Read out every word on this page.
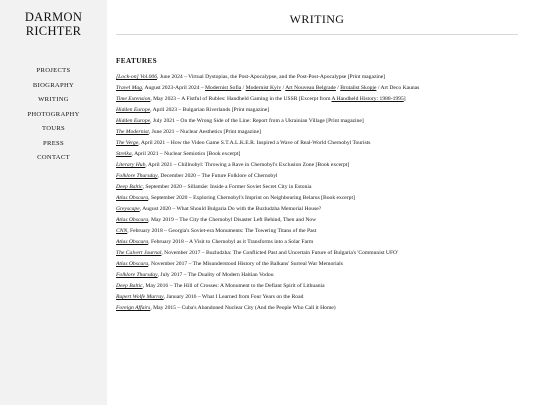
DARMON
RICHTER
PROJECTS
BIOGRAPHY
WRITING
PHOTOGRAPHY
TOURS
PRESS
CONTACT
WRITING
FEATURES
[Lock-on] Vol.006, June 2024 – Virtual Dystopias, the Post-Apocalypse, and the Post-Post-Apocalypse [Print magazine]
Travel Mag, August 2023-April 2024 – Modernist Sofia / Modernist Kyiv / Art Nouveau Belgrade / Brutalist Skopje / Art Deco Kaunas
Time Extension, May 2023 – A Fistful of Rubles: Handheld Gaming in the USSR [Excerpt from A Handheld History: 1988-1995]
Hidden Europe, April 2023 – Bulgarian Riverlands [Print magazine]
Hidden Europe, July 2021 – On the Wrong Side of the Line: Report from a Ukrainian Village [Print magazine]
The Modernist, June 2021 – Nuclear Aesthetics [Print magazine]
The Verge, April 2021 – How the Video Game S.T.A.L.K.E.R. Inspired a Wave of Real-World Chernobyl Tourists
Strelka, April 2021 – Nuclear Semiotics [Book excerpt]
Literary Hub, April 2021 – Chillnobyl: Throwing a Rave in Chernobyl's Exclusion Zone [Book excerpt]
Folklore Thursday, December 2020 – The Future Folklore of Chernobyl
Deep Baltic, September 2020 – Sillamäe: Inside a Former Soviet Secret City in Estonia
Atlas Obscura, September 2020 – Exploring Chernobyl's Imprint on Neighbouring Belarus [Book excerpt]
Greyscape, August 2020 – What Should Bulgaria Do with the Buzludzha Memorial House?
Atlas Obscura, May 2019 – The City the Chernobyl Disaster Left Behind, Then and Now
CNN, February 2018 – Georgia's Soviet-era Monuments: The Towering Titans of the Past
Atlas Obscura, February 2018 – A Visit to Chernobyl as it Transforms into a Solar Farm
The Calvert Journal, November 2017 – Buzludzha: The Conflicted Past and Uncertain Future of Bulgaria's 'Communist UFO'
Atlas Obscura, November 2017 – The Misunderstood History of the Balkans' Surreal War Memorials
Folklore Thursday, July 2017 – The Duality of Modern Haitian Vodou
Deep Baltic, May 2016 – The Hill of Crosses: A Monument to the Defiant Spirit of Lithuania
Rupert Wolfe Murray, January 2016 – What I Learned from Four Years on the Road
Foreign Affairs, May 2015 – Cuba's Abandoned Nuclear City (And the People Who Call it Home)
